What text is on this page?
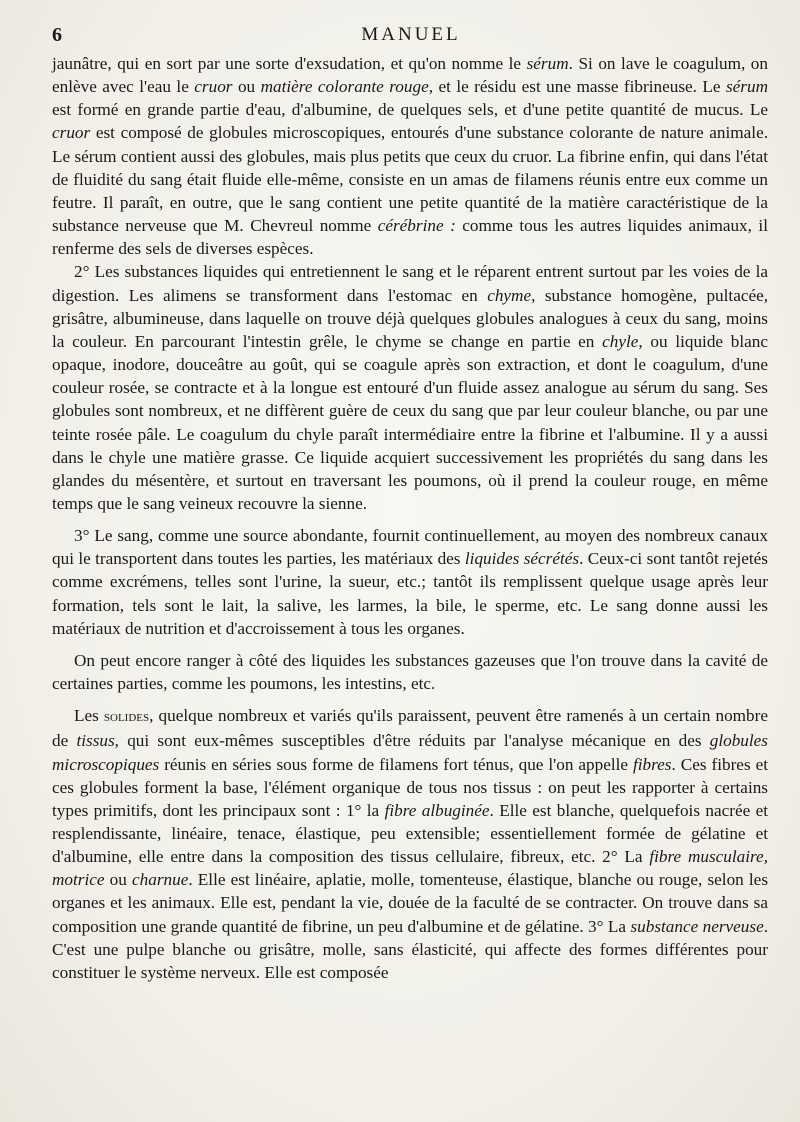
6	MANUEL

jaunâtre, qui en sort par une sorte d'exsudation, et qu'on nomme le sérum. Si on lave le coagulum, on enlève avec l'eau le cruor ou matière colorante rouge, et le résidu est une masse fibrineuse. Le sérum est formé en grande partie d'eau, d'albumine, de quelques sels, et d'une petite quantité de mucus. Le cruor est composé de globules microscopiques, entourés d'une substance colorante de nature animale. Le sérum contient aussi des globules, mais plus petits que ceux du cruor. La fibrine enfin, qui dans l'état de fluidité du sang était fluide elle-même, consiste en un amas de filamens réunis entre eux comme un feutre. Il paraît, en outre, que le sang contient une petite quantité de la matière caractéristique de la substance nerveuse que M. Chevreul nomme cérébrine : comme tous les autres liquides animaux, il renferme des sels de diverses espèces.

2° Les substances liquides qui entretiennent le sang et le réparent entrent surtout par les voies de la digestion. Les alimens se transforment dans l'estomac en chyme, substance homogène, pultacée, grisâtre, albumineuse, dans laquelle on trouve déjà quelques globules analogues à ceux du sang, moins la couleur. En parcourant l'intestin grêle, le chyme se change en partie en chyle, ou liquide blanc opaque, inodore, douceâtre au goût, qui se coagule après son extraction, et dont le coagulum, d'une couleur rosée, se contracte et à la longue est entouré d'un fluide assez analogue au sérum du sang. Ses globules sont nombreux, et ne diffèrent guère de ceux du sang que par leur couleur blanche, ou par une teinte rosée pâle. Le coagulum du chyle paraît intermédiaire entre la fibrine et l'albumine. Il y a aussi dans le chyle une matière grasse. Ce liquide acquiert successivement les propriétés du sang dans les glandes du mésentère, et surtout en traversant les poumons, où il prend la couleur rouge, en même temps que le sang veineux recouvre la sienne.

3° Le sang, comme une source abondante, fournit continuellement, au moyen des nombreux canaux qui le transportent dans toutes les parties, les matériaux des liquides sécrétés. Ceux-ci sont tantôt rejetés comme excrémens, telles sont l'urine, la sueur, etc.; tantôt ils remplissent quelque usage après leur formation, tels sont le lait, la salive, les larmes, la bile, le sperme, etc. Le sang donne aussi les matériaux de nutrition et d'accroissement à tous les organes.

On peut encore ranger à côté des liquides les substances gazeuses que l'on trouve dans la cavité de certaines parties, comme les poumons, les intestins, etc.

Les solides, quelque nombreux et variés qu'ils paraissent, peuvent être ramenés à un certain nombre de tissus, qui sont eux-mêmes susceptibles d'être réduits par l'analyse mécanique en des globules microscopiques réunis en séries sous forme de filamens fort ténus, que l'on appelle fibres. Ces fibres et ces globules forment la base, l'élément organique de tous nos tissus : on peut les rapporter à certains types primitifs, dont les principaux sont : 1° la fibre albuginée. Elle est blanche, quelquefois nacrée et resplendissante, linéaire, tenace, élastique, peu extensible; essentiellement formée de gélatine et d'albumine, elle entre dans la composition des tissus cellulaire, fibreux, etc. 2° La fibre musculaire, motrice ou charnue. Elle est linéaire, aplatie, molle, tomenteuse, élastique, blanche ou rouge, selon les organes et les animaux. Elle est, pendant la vie, douée de la faculté de se contracter. On trouve dans sa composition une grande quantité de fibrine, un peu d'albumine et de gélatine. 3° La substance nerveuse. C'est une pulpe blanche ou grisâtre, molle, sans élasticité, qui affecte des formes différentes pour constituer le système nerveux. Elle est composée
